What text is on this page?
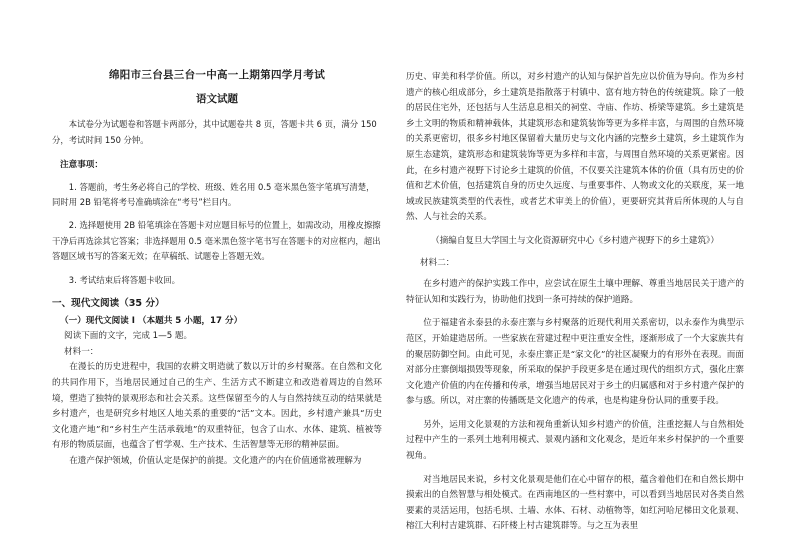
绵阳市三台县三台一中高一上期第四学月考试

语文试题

本试卷分为试题卷和答题卡两部分，其中试题卷共 8 页，答题卡共 6 页，满分 150 分，考试时间 150 分钟。

注意事项：

1. 答题前，考生务必将自己的学校、班级、姓名用 0.5 毫米黑色签字笔填写清楚，同时用 2B 铅笔将考号准确填涂在“考号”栏目内。

2. 选择题使用 2B 铅笔填涂在答题卡对应题目标号的位置上，如需改动，用橡皮擦擦干净后再选涂其它答案；非选择题用 0.5 毫米黑色签字笔书写在答题卡的对应框内，超出答题区域书写的答案无效；在草稿纸、试题卷上答题无效。

3. 考试结束后将答题卡收回。

一、现代文阅读（35 分）

（一）现代文阅读 I （本题共 5 小题，17 分）

阅读下面的文字，完成 1—5 题。

材料一：

在漫长的历史进程中，我国的农耕文明造就了数以万计的乡村聚落。在自然和文化的共同作用下，当地居民通过自己的生产、生活方式不断建立和改造着周边的自然环境，塑造了独特的景观形态和社会关系。这些保留至今的人与自然持续互动的结果就是乡村遗产，也是研究乡村地区人地关系的重要的“活”文本。因此，乡村遗产兼具“历史文化遗产地”和“乡村生产生活承载地”的双重特征，包含了山水、水体、建筑、植被等有形的物质层面，也蕴含了哲学观、生产技术、生活智慧等无形的精神层面。

在遗产保护领域，价值认定是保护的前提。文化遗产的内在价值通常被理解为

历史、审美和科学价值。所以，对乡村遗产的认知与保护首先应以价值为导向。作为乡村遗产的核心组成部分，乡土建筑是指散落于村镇中、富有地方特色的传统建筑。除了一般的居民住宅外，还包括与人生活息息相关的祠堂、寺庙、作坊、桥梁等建筑。乡土建筑是乡土文明的物质和精神载体，其建筑形态和建筑装饰等更为多样丰富，与周围的自然环境的关系更密切，很多乡村地区保留着大量历史与文化内涵的完整乡土建筑，乡土建筑作为原生态建筑，建筑形态和建筑装饰等更为多样和丰富，与周围自然环境的关系更紧密。因此，在乡村遗产视野下讨论乡土建筑的价值，不仅要关注建筑本体的价值（具有历史的价值和艺术价值，包括建筑自身的历史久远度、与重要事件、人物或文化的关联度，某一地域或民族建筑类型的代表性，或者艺术审美上的价值），更要研究其背后所体现的人与自然、人与社会的关系。

（摘编自复旦大学国土与文化资源研究中心《乡村遗产视野下的乡土建筑》）

材料二：

在乡村遗产的保护实践工作中，应尝试在原生土壤中理解、尊重当地居民关于遗产的特征认知和实践行为，协助他们找到一条可持续的保护道路。

位于福建省永泰县的永泰庄寨与乡村聚落的近现代利用关系密切，以永泰作为典型示范区，开始建造居所。一些家族在营建过程中更注重安全性，逐渐形成了一个大家族共有的聚居防御空间。由此可见，永泰庄寨正是“家文化”的社区凝聚力的有形外在表现。而面对部分庄寨倒塌损毁等现象，所采取的保护手段更多是在通过现代的组织方式，强化庄寨文化遗产价值的内在传播和传承，增强当地居民对于乡土的归属感和对于乡村遗产保护的参与感。所以，对庄寨的传播既是文化遗产的传承，也是构建身份认同的重要手段。

另外，运用文化景观的方法和视角重新认知乡村遗产的价值，注重挖掘人与自然相处过程中产生的一系列土地利用模式、景观内涵和文化观念，是近年来乡村保护的一个重要视角。

对当地居民来说，乡村文化景观是他们在心中留存的根，蕴含着他们在和自然长期中摸索出的自然智慧与相处模式。在西南地区的一些村寨中，可以看到当地居民对各类自然要素的灵活运用，包括毛坝、土墙、水体、石材、动植物等，如红河哈尼梯田文化景观、榕江大利村吉建筑群、石阡楼上村古建筑群等。与之互为表里
